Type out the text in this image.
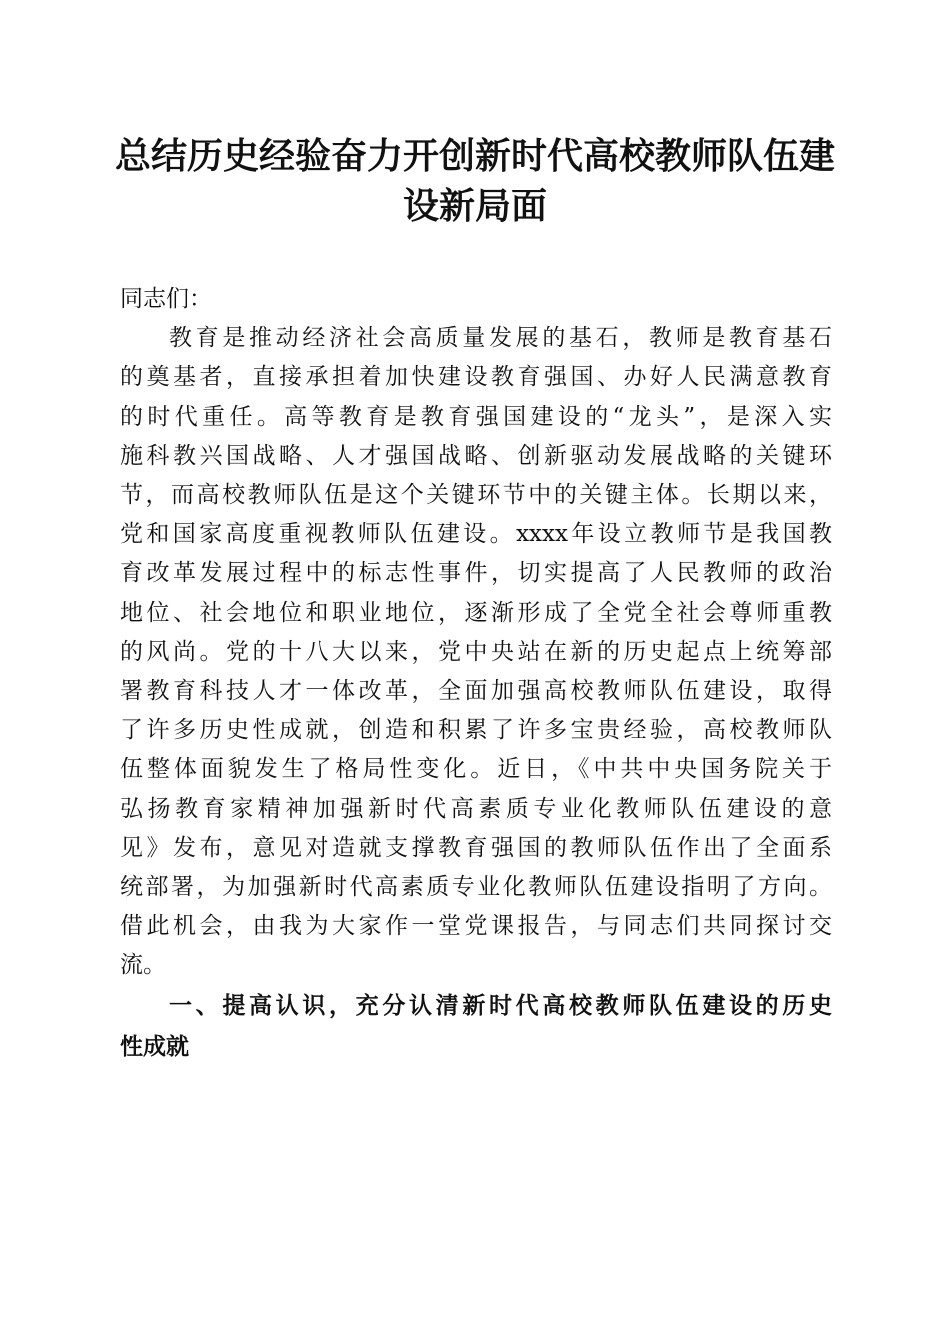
总结历史经验奋力开创新时代高校教师队伍建
设新局面
同志们：
教育是推动经济社会高质量发展的基石，教师是教育基石
的奠基者，直接承担着加快建设教育强国、办好人民满意教育
的时代重任。高等教育是教育强国建设的“龙头”，是深入实
施科教兴国战略、人才强国战略、创新驱动发展战略的关键环
节，而高校教师队伍是这个关键环节中的关键主体。长期以来，
党和国家高度重视教师队伍建设。xxxx年设立教师节是我国教
育改革发展过程中的标志性事件，切实提高了人民教师的政治
地位、社会地位和职业地位，逐渐形成了全党全社会尊师重教
的风尚。党的十八大以来，党中央站在新的历史起点上统筹部
署教育科技人才一体改革，全面加强高校教师队伍建设，取得
了许多历史性成就，创造和积累了许多宝贵经验，高校教师队
伍整体面貌发生了格局性变化。近日，《中共中央国务院关于
弘扬教育家精神加强新时代高素质专业化教师队伍建设的意
见》发布，意见对造就支撑教育强国的教师队伍作出了全面系
统部署，为加强新时代高素质专业化教师队伍建设指明了方向。
借此机会，由我为大家作一堂党课报告，与同志们共同探讨交
流。
一、提高认识，充分认清新时代高校教师队伍建设的历史
性成就
